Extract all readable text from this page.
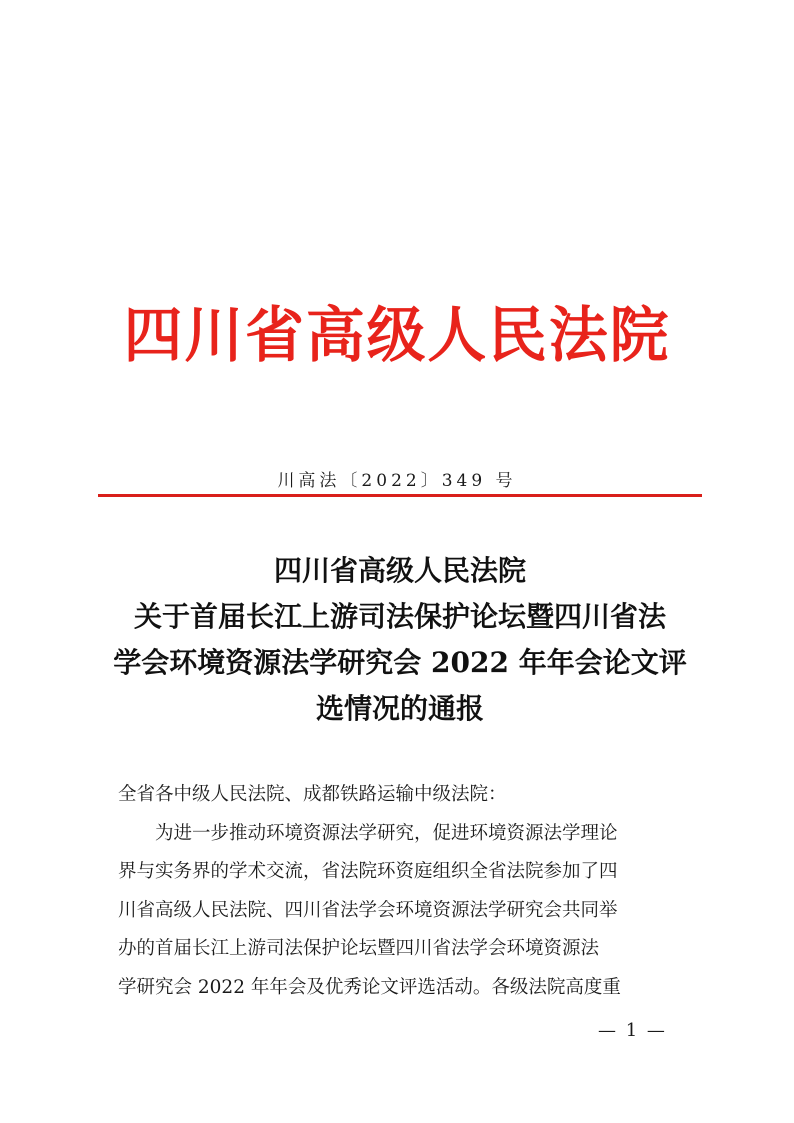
四川省高级人民法院
川高法〔2022〕349 号
四川省高级人民法院
关于首届长江上游司法保护论坛暨四川省法
学会环境资源法学研究会 2022 年年会论文评
选情况的通报
全省各中级人民法院、成都铁路运输中级法院：
为进一步推动环境资源法学研究，促进环境资源法学理论
界与实务界的学术交流，省法院环资庭组织全省法院参加了四
川省高级人民法院、四川省法学会环境资源法学研究会共同举
办的首届长江上游司法保护论坛暨四川省法学会环境资源法
学研究会 2022 年年会及优秀论文评选活动。各级法院高度重
— 1 —
